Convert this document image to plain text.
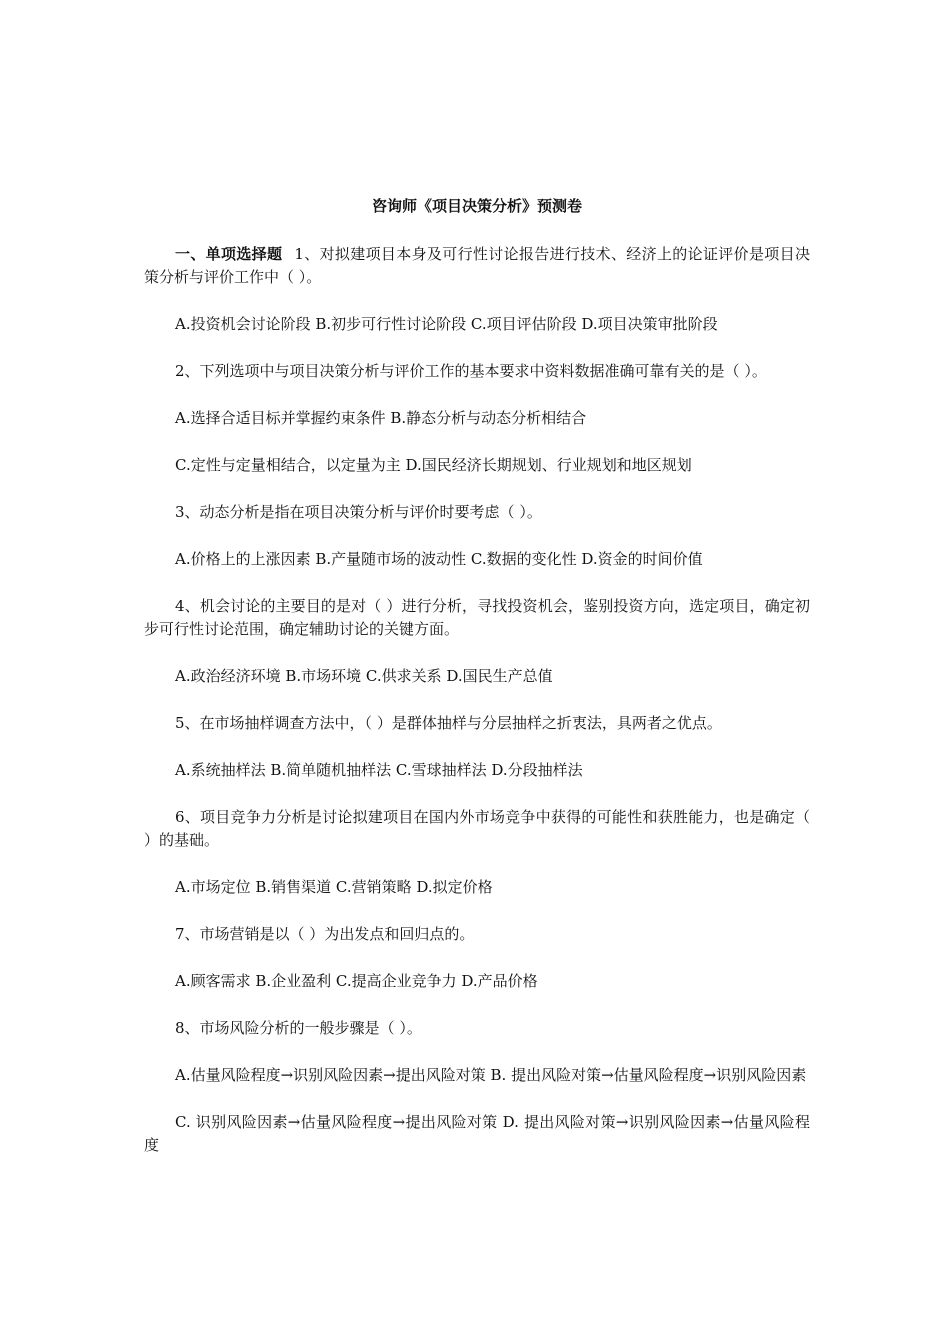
咨询师《项目决策分析》预测卷

一、单项选择题 1、对拟建项目本身及可行性讨论报告进行技术、经济上的论证评价是项目决策分析与评价工作中（ ）。

A.投资机会讨论阶段 B.初步可行性讨论阶段 C.项目评估阶段 D.项目决策审批阶段

2、下列选项中与项目决策分析与评价工作的基本要求中资料数据准确可靠有关的是（ ）。

A.选择合适目标并掌握约束条件 B.静态分析与动态分析相结合

C.定性与定量相结合，以定量为主 D.国民经济长期规划、行业规划和地区规划

3、动态分析是指在项目决策分析与评价时要考虑（ ）。

A.价格上的上涨因素 B.产量随市场的波动性 C.数据的变化性 D.资金的时间价值

4、机会讨论的主要目的是对（ ）进行分析，寻找投资机会，鉴别投资方向，选定项目，确定初步可行性讨论范围，确定辅助讨论的关键方面。

A.政治经济环境 B.市场环境 C.供求关系 D.国民生产总值

5、在市场抽样调查方法中，（ ）是群体抽样与分层抽样之折衷法，具两者之优点。

A.系统抽样法 B.简单随机抽样法 C.雪球抽样法 D.分段抽样法

6、项目竞争力分析是讨论拟建项目在国内外市场竞争中获得的可能性和获胜能力，也是确定（ ）的基础。

A.市场定位 B.销售渠道 C.营销策略 D.拟定价格

7、市场营销是以（ ）为出发点和回归点的。

A.顾客需求 B.企业盈利 C.提高企业竞争力 D.产品价格

8、市场风险分析的一般步骤是（ ）。

A.估量风险程度→识别风险因素→提出风险对策 B. 提出风险对策→估量风险程度→识别风险因素

C. 识别风险因素→估量风险程度→提出风险对策 D. 提出风险对策→识别风险因素→估量风险程度
